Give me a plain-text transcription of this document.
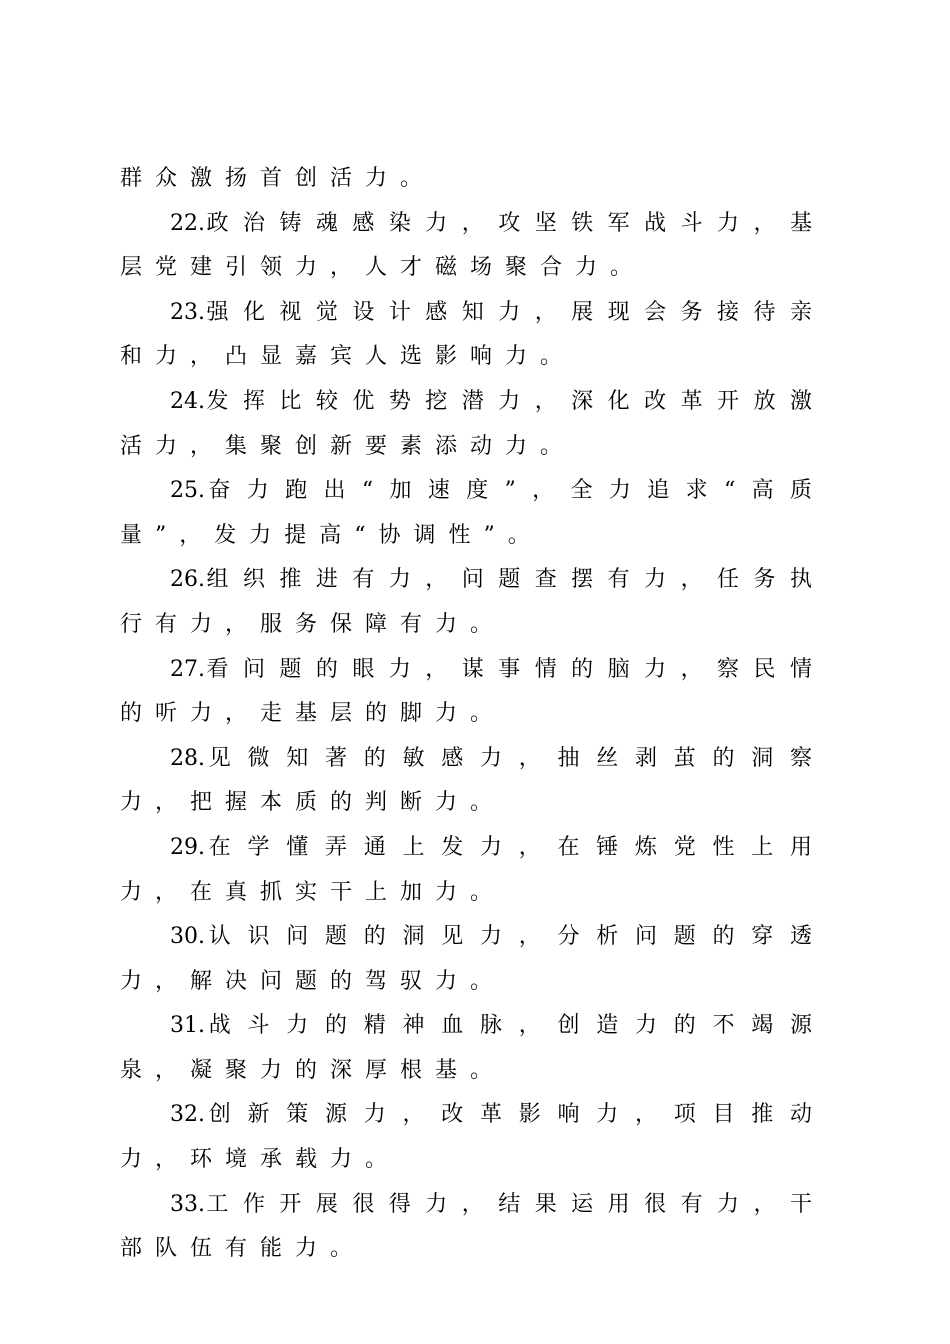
群众激扬首创活力。

22.政治铸魂感染力，攻坚铁军战斗力，基层党建引领力，人才磁场聚合力。

23.强化视觉设计感知力，展现会务接待亲和力，凸显嘉宾人选影响力。

24.发挥比较优势挖潜力，深化改革开放激活力，集聚创新要素添动力。

25.奋力跑出“加速度”，全力追求“高质量”，发力提高“协调性”。

26.组织推进有力，问题查摆有力，任务执行有力，服务保障有力。

27.看问题的眼力，谋事情的脑力，察民情的听力，走基层的脚力。

28.见微知著的敏感力，抽丝剥茧的洞察力，把握本质的判断力。

29.在学懂弄通上发力，在锤炼党性上用力，在真抓实干上加力。

30.认识问题的洞见力，分析问题的穿透力，解决问题的驾驭力。

31.战斗力的精神血脉，创造力的不竭源泉，凝聚力的深厚根基。

32.创新策源力，改革影响力，项目推动力，环境承载力。

33.工作开展很得力，结果运用很有力，干部队伍有能力。
